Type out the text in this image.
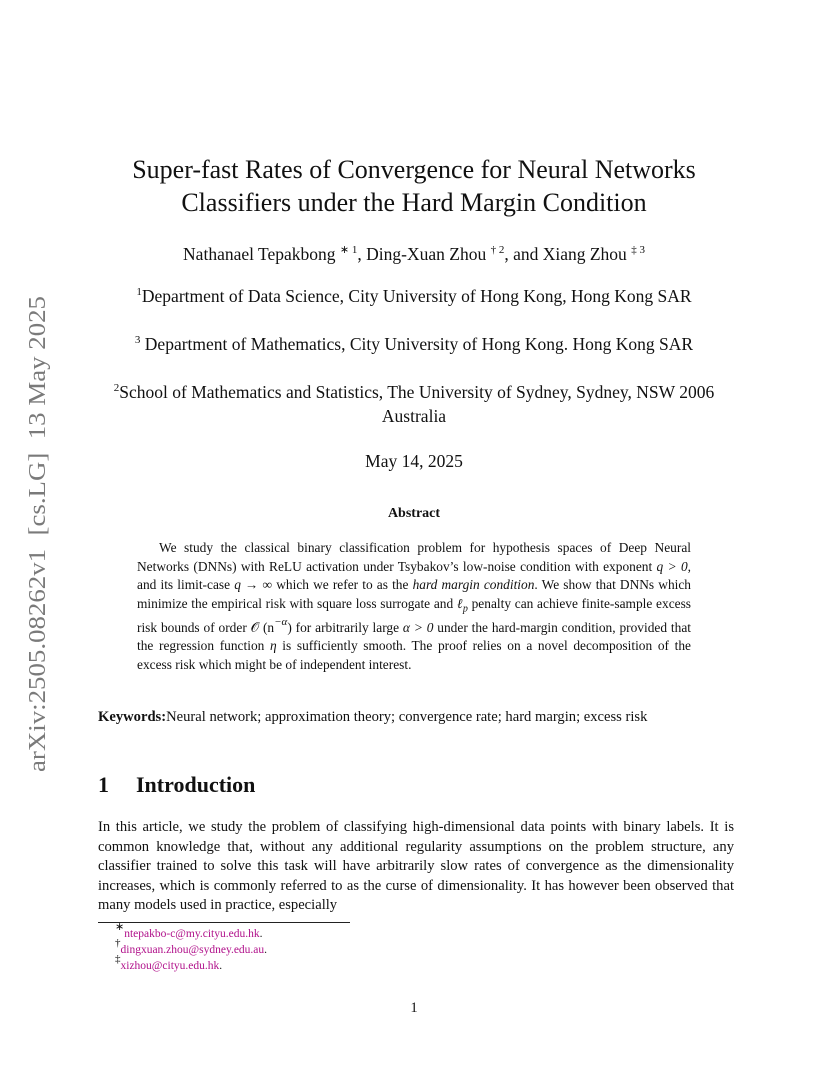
arXiv:2505.08262v1  [cs.LG]  13 May 2025
Super-fast Rates of Convergence for Neural Networks
Classifiers under the Hard Margin Condition
Nathanael Tepakbong $^{∗ 1}$, Ding-Xuan Zhou $^{\dagger 2}$, and Xiang Zhou $^{\ddagger 3}$
$^1$Department of Data Science, City University of Hong Kong, Hong Kong SAR
$^3$ Department of Mathematics, City University of Hong Kong. Hong Kong SAR
$^2$School of Mathematics and Statistics, The University of Sydney, Sydney, NSW 2006 Australia
May 14, 2025
Abstract
We study the classical binary classification problem for hypothesis spaces of Deep Neural Networks (DNNs) with ReLU activation under Tsybakov’s low-noise condition with exponent q > 0, and its limit-case q → ∞ which we refer to as the hard margin condition. We show that DNNs which minimize the empirical risk with square loss surrogate and ℓ$_p$ penalty can achieve finite-sample excess risk bounds of order 𝒪 $(n^{-\alpha})$ for arbitrarily large α > 0 under the hard-margin condition, provided that the regression function η is sufficiently smooth. The proof relies on a novel decomposition of the excess risk which might be of independent interest.
Keywords:Neural network; approximation theory; convergence rate; hard margin; excess risk
1 Introduction
In this article, we study the problem of classifying high-dimensional data points with binary labels. It is common knowledge that, without any additional regularity assumptions on the problem structure, any classifier trained to solve this task will have arbitrarily slow rates of convergence as the dimensionality increases, which is commonly referred to as the curse of dimensionality. It has however been observed that many models used in practice, especially
∗ntepakbo-c@my.cityu.edu.hk.
†dingxuan.zhou@sydney.edu.au.
‡xizhou@cityu.edu.hk.
1
